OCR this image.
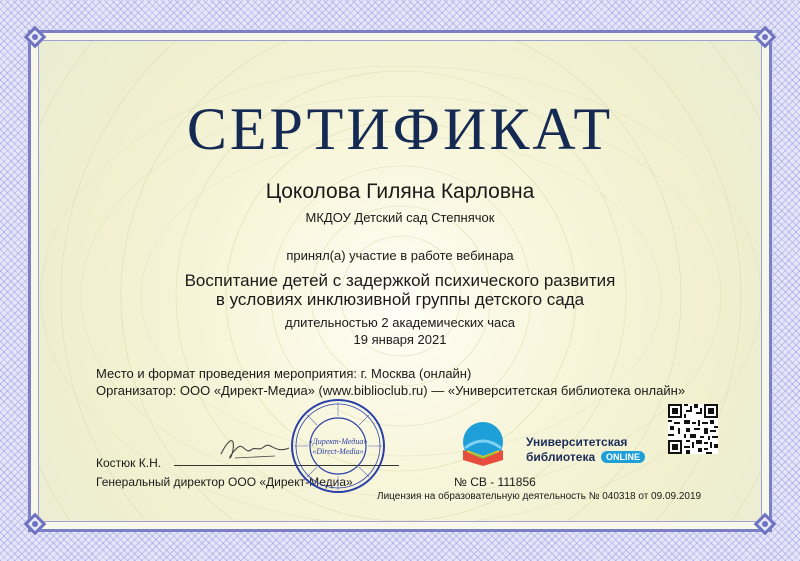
СЕРТИФИКАТ
Цоколова Гиляна Карловна
МКДОУ Детский сад Степнячок
принял(а) участие в работе вебинара
Воспитание детей с задержкой психического развития
в условиях инклюзивной группы детского сада
длительностью 2 академических часа
19 января 2021
Место и формат проведения мероприятия: г. Москва (онлайн)
Организатор: ООО «Директ-Медиа» (www.biblioclub.ru) — «Университетская библиотека онлайн»
Костюк К.Н.
Генеральный директор ООО «Директ-Медиа»
«Директ-Медиа»
«Direct-Media»
Университетская
библиотека	ONLINE
№ СВ - 111856
Лицензия на образовательную деятельность № 040318 от 09.09.2019
